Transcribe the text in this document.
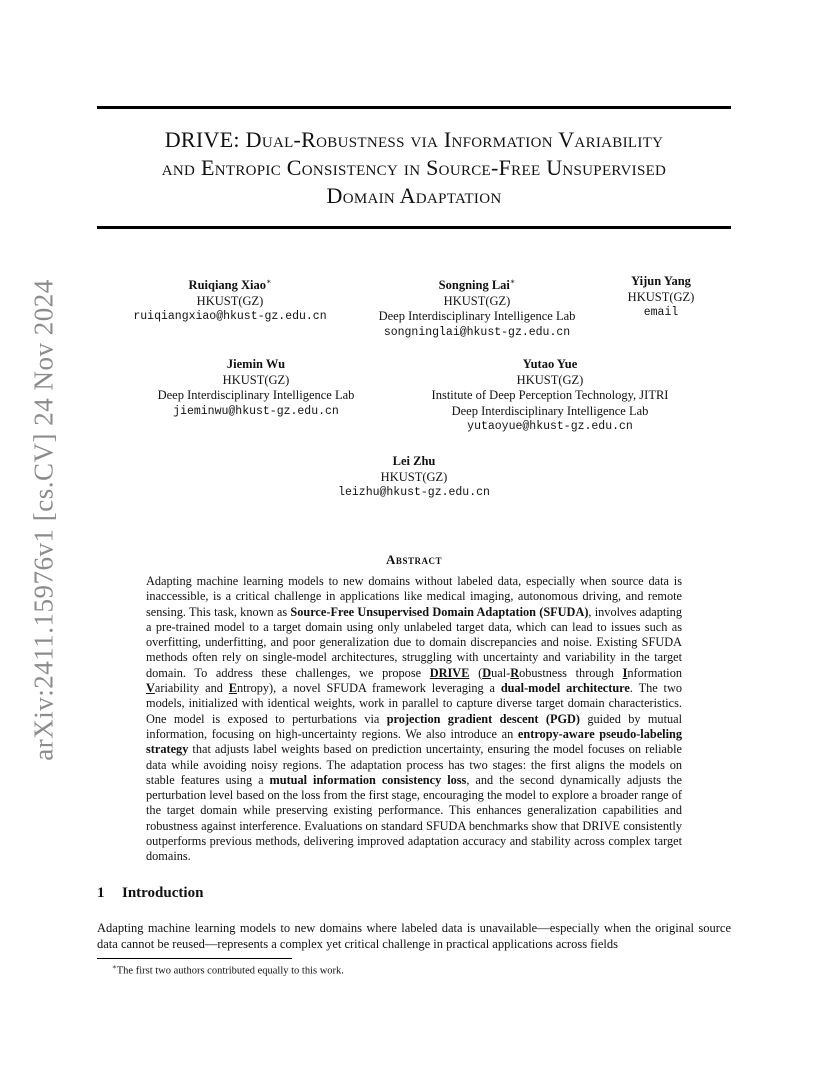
arXiv:2411.15976v1 [cs.CV] 24 Nov 2024
DRIVE: Dual-Robustness via Information Variability
and Entropic Consistency in Source-Free Unsupervised
Domain Adaptation
Ruiqiang Xiao∗
HKUST(GZ)
ruiqiangxiao@hkust-gz.edu.cn
Songning Lai∗
HKUST(GZ)
Deep Interdisciplinary Intelligence Lab
songninglai@hkust-gz.edu.cn
Yijun Yang
HKUST(GZ)
email
Jiemin Wu
HKUST(GZ)
Deep Interdisciplinary Intelligence Lab
jieminwu@hkust-gz.edu.cn
Yutao Yue
HKUST(GZ)
Institute of Deep Perception Technology, JITRI
Deep Interdisciplinary Intelligence Lab
yutaoyue@hkust-gz.edu.cn
Lei Zhu
HKUST(GZ)
leizhu@hkust-gz.edu.cn
Abstract

Adapting machine learning models to new domains without labeled data, especially when source data is inaccessible, is a critical challenge in applications like medical imaging, autonomous driving, and remote sensing. This task, known as Source-Free Unsupervised Domain Adaptation (SFUDA), involves adapting a pre-trained model to a target domain using only unlabeled target data, which can lead to issues such as overfitting, underfitting, and poor generalization due to domain discrepancies and noise. Existing SFUDA methods often rely on single-model architectures, struggling with uncertainty and variability in the target domain. To address these challenges, we propose DRIVE (Dual-Robustness through Information Variability and Entropy), a novel SFUDA framework leveraging a dual-model architecture. The two models, initialized with identical weights, work in parallel to capture diverse target domain characteristics. One model is exposed to perturbations via projection gradient descent (PGD) guided by mutual information, focusing on high-uncertainty regions. We also introduce an entropy-aware pseudo-labeling strategy that adjusts label weights based on prediction uncertainty, ensuring the model focuses on reliable data while avoiding noisy regions. The adaptation process has two stages: the first aligns the models on stable features using a mutual information consistency loss, and the second dynamically adjusts the perturbation level based on the loss from the first stage, encouraging the model to explore a broader range of the target domain while preserving existing performance. This enhances generalization capabilities and robustness against interference. Evaluations on standard SFUDA benchmarks show that DRIVE consistently outperforms previous methods, delivering improved adaptation accuracy and stability across complex target domains.

1 Introduction

Adapting machine learning models to new domains where labeled data is unavailable—especially when the original source data cannot be reused—represents a complex yet critical challenge in practical applications across fields

∗The first two authors contributed equally to this work.
